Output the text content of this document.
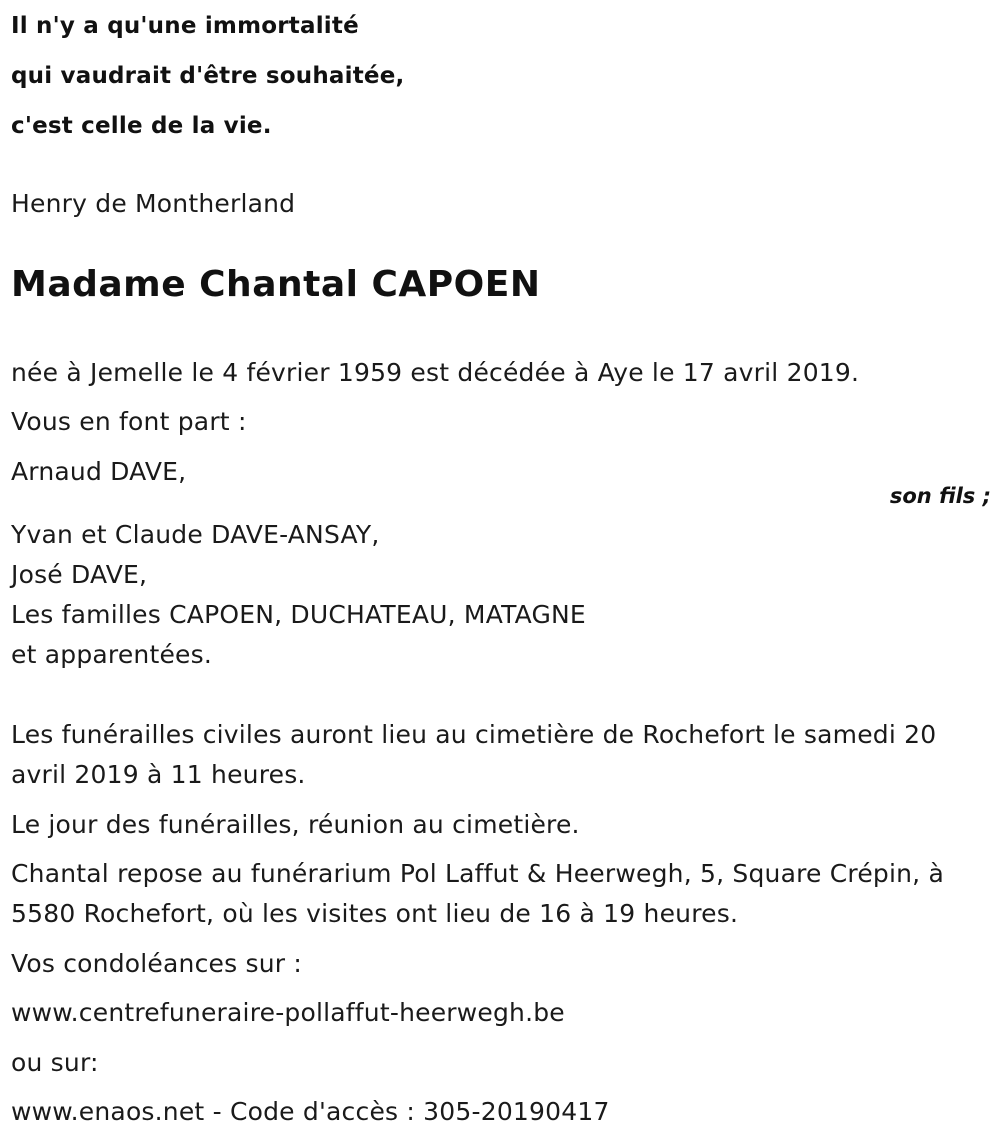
Il n'y a qu'une immortalité
qui vaudrait d'être souhaitée,
c'est celle de la vie.
Henry de Montherland
Madame Chantal CAPOEN
née à Jemelle le 4 février 1959 est décédée à Aye le 17 avril 2019.
Vous en font part :
Arnaud DAVE,
son fils ;
Yvan et Claude DAVE-ANSAY,
José DAVE,
Les familles CAPOEN, DUCHATEAU, MATAGNE
et apparentées.
Les funérailles civiles auront lieu au cimetière de Rochefort le samedi 20
avril 2019 à 11 heures.
Le jour des funérailles, réunion au cimetière.
Chantal repose au funérarium Pol Laffut & Heerwegh, 5, Square Crépin, à
5580 Rochefort, où les visites ont lieu de 16 à 19 heures.
Vos condoléances sur :
www.centrefuneraire-pollaffut-heerwegh.be
ou sur:
www.enaos.net - Code d'accès : 305-20190417
